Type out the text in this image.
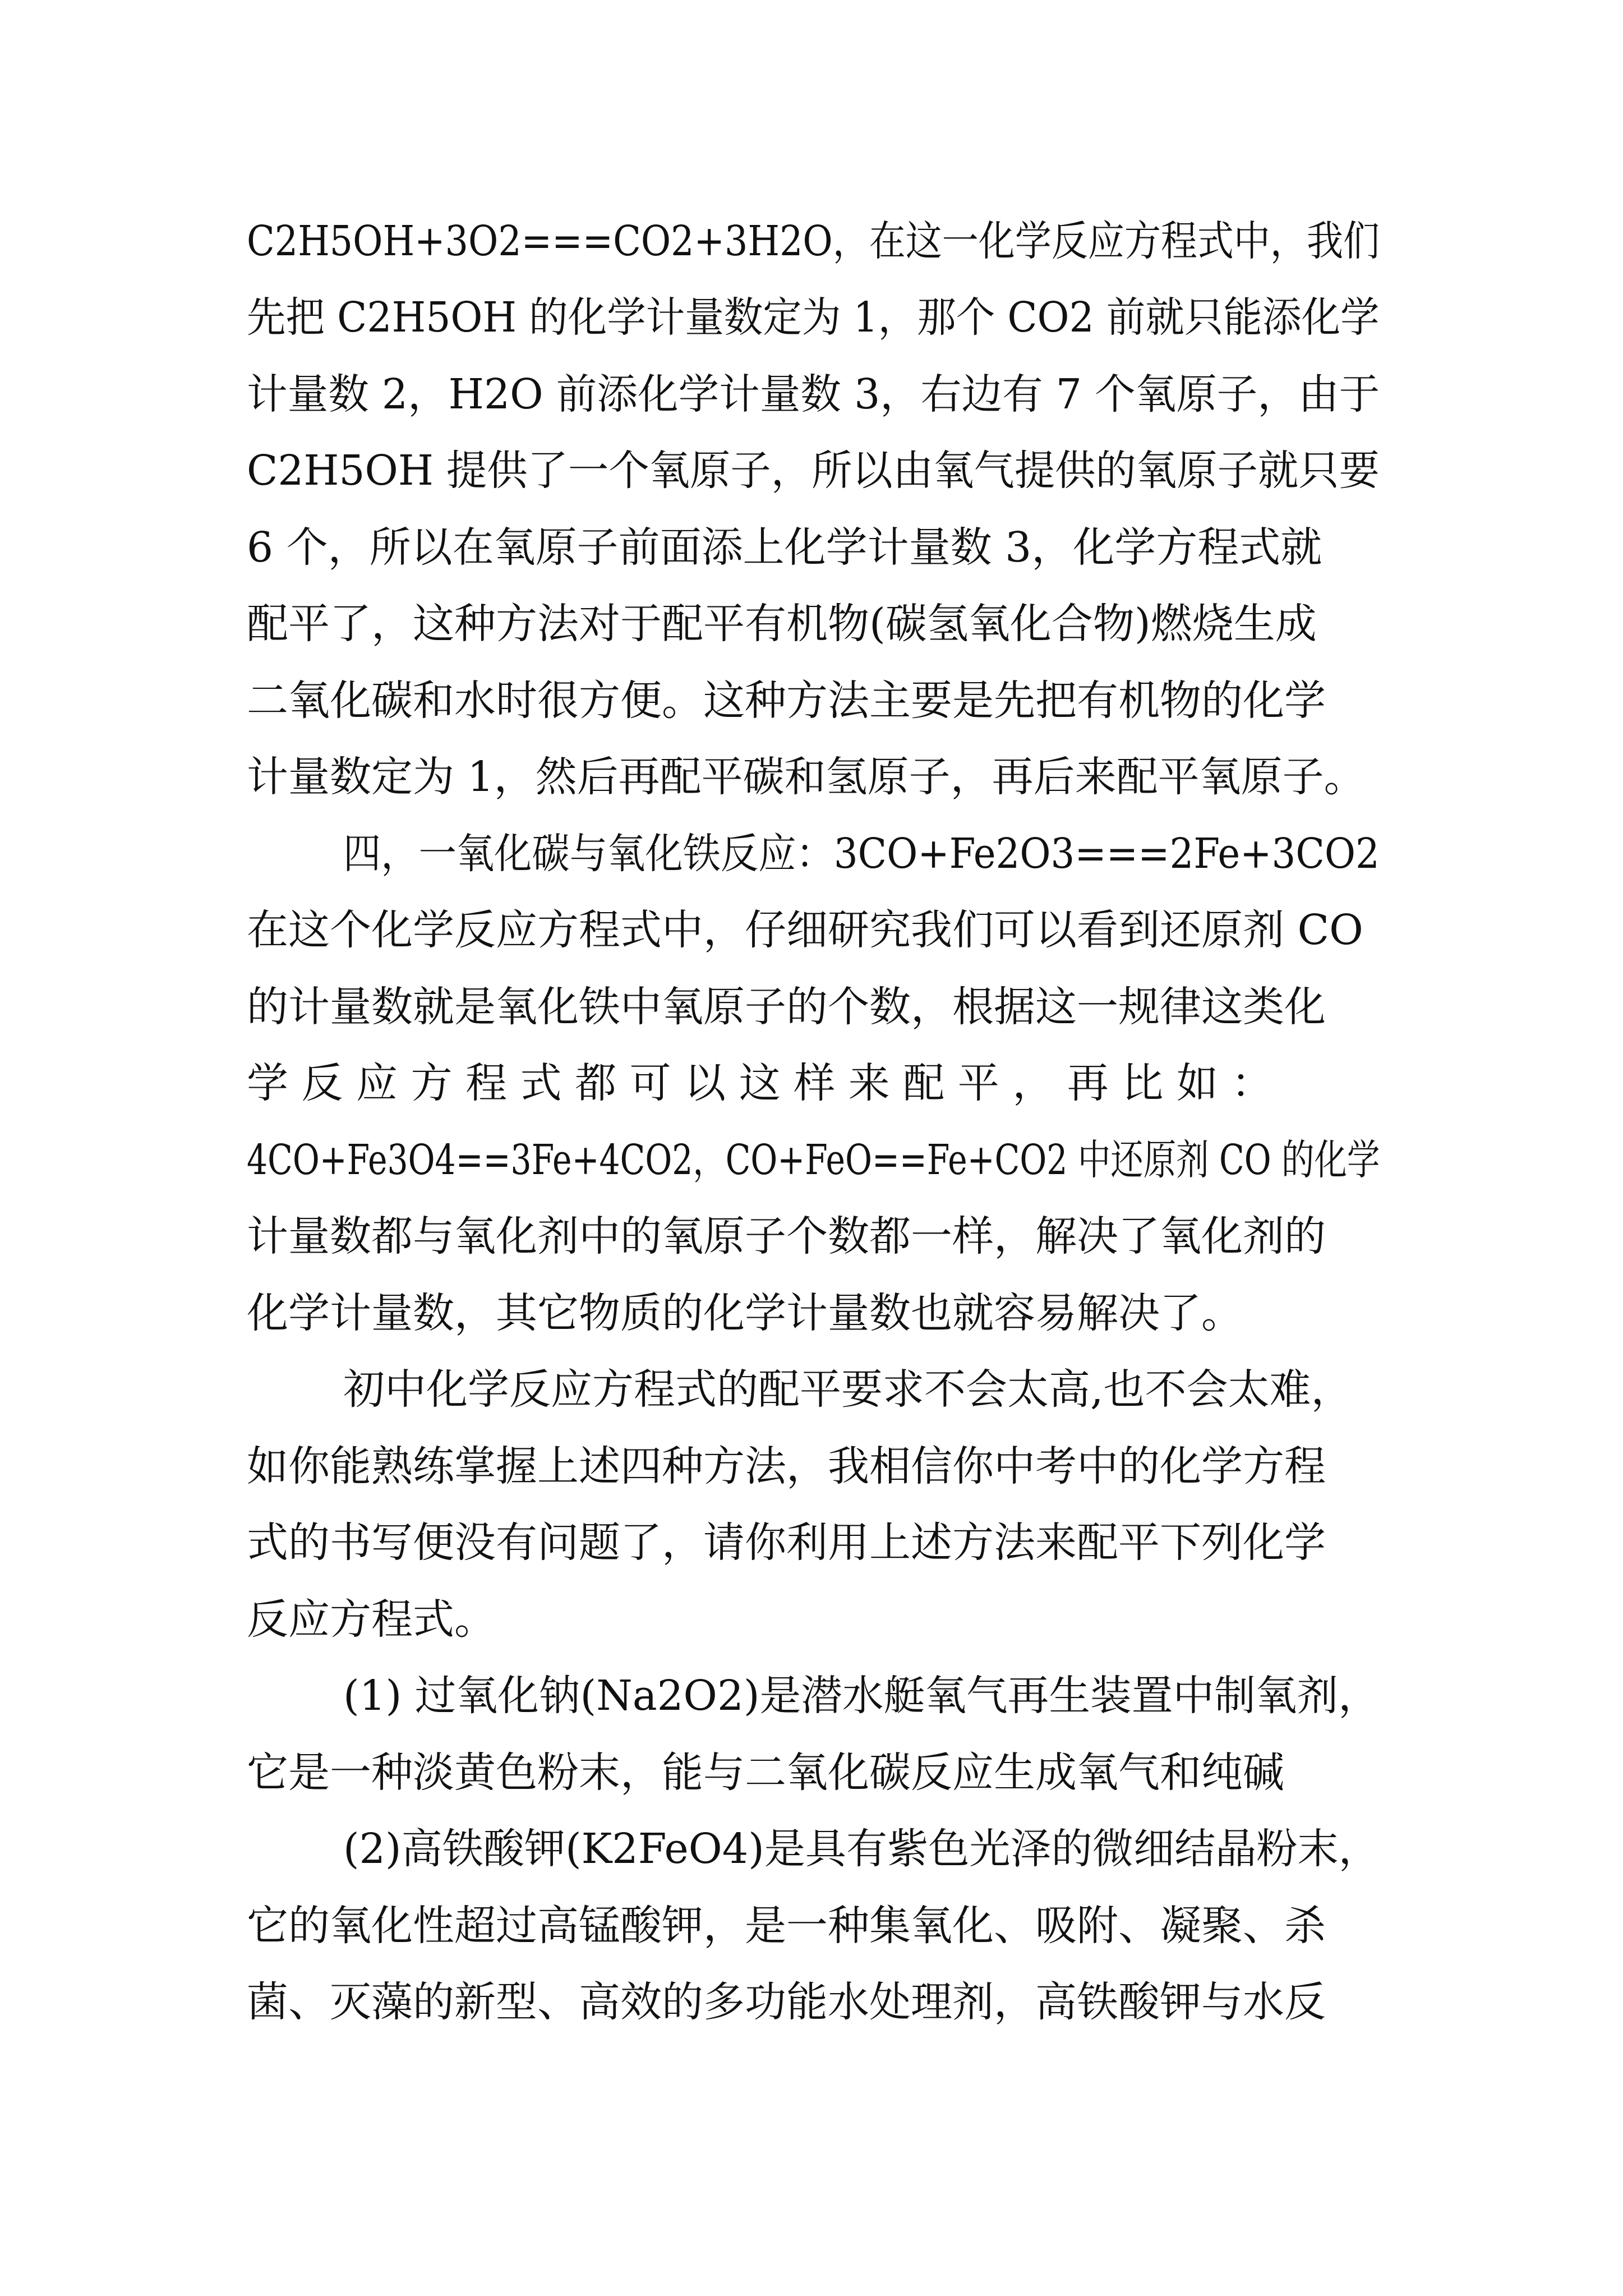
C2H5OH+3O2===CO2+3H2O，在这一化学反应方程式中，我们
先把 C2H5OH 的化学计量数定为 1，那个 CO2 前就只能添化学
计量数 2，H2O 前添化学计量数 3，右边有 7 个氧原子，由于
C2H5OH 提供了一个氧原子，所以由氧气提供的氧原子就只要
6 个，所以在氧原子前面添上化学计量数 3，化学方程式就
配平了，这种方法对于配平有机物(碳氢氧化合物)燃烧生成
二氧化碳和水时很方便。这种方法主要是先把有机物的化学
计量数定为 1，然后再配平碳和氢原子，再后来配平氧原子。
四，一氧化碳与氧化铁反应：3CO+Fe2O3===2Fe+3CO2
在这个化学反应方程式中，仔细研究我们可以看到还原剂 CO
的计量数就是氧化铁中氧原子的个数，根据这一规律这类化
学 反 应 方 程 式 都 可 以 这 样 来 配 平 ， 再 比 如 ：
4CO+Fe3O4==3Fe+4CO2，CO+FeO==Fe+CO2 中还原剂 CO 的化学
计量数都与氧化剂中的氧原子个数都一样，解决了氧化剂的
化学计量数，其它物质的化学计量数也就容易解决了。
初中化学反应方程式的配平要求不会太高,也不会太难，
如你能熟练掌握上述四种方法，我相信你中考中的化学方程
式的书写便没有问题了，请你利用上述方法来配平下列化学
反应方程式。
(1) 过氧化钠(Na2O2)是潜水艇氧气再生装置中制氧剂，
它是一种淡黄色粉末，能与二氧化碳反应生成氧气和纯碱
(2)高铁酸钾(K2FeO4)是具有紫色光泽的微细结晶粉末，
它的氧化性超过高锰酸钾，是一种集氧化、吸附、凝聚、杀
菌、灭藻的新型、高效的多功能水处理剂，高铁酸钾与水反
